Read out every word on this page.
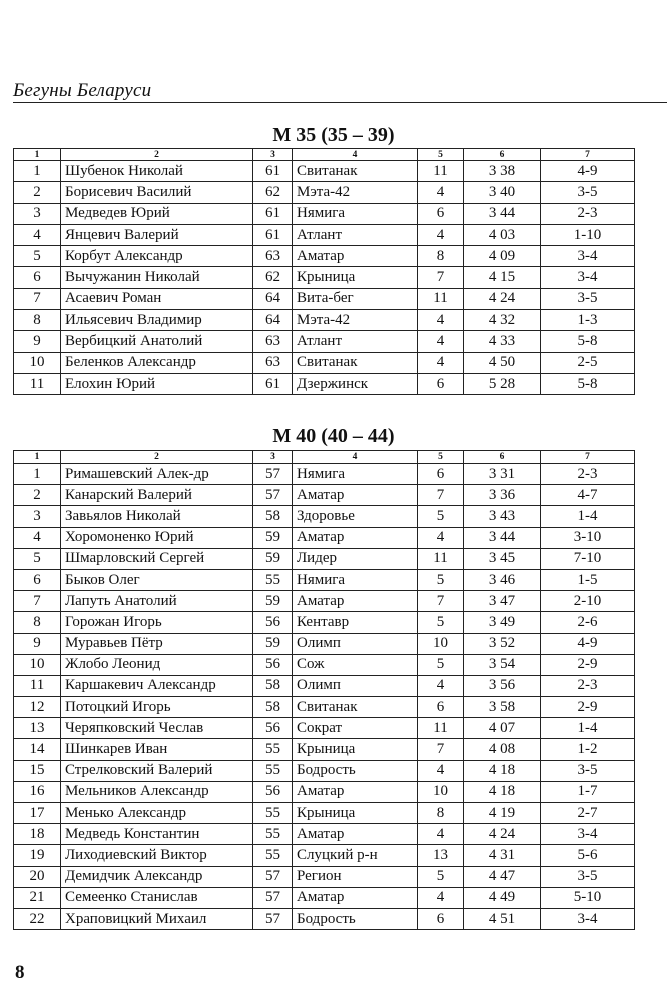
Бегуны Беларуси
М 35 (35 – 39)
1	2	3	4	5	6	7
1	Шубенок Николай	61	Свитанак	11	3 38	4-9
2	Борисевич Василий	62	Мэта-42	4	3 40	3-5
3	Медведев Юрий	61	Нямига	6	3 44	2-3
4	Янцевич Валерий	61	Атлант	4	4 03	1-10
5	Корбут Александр	63	Аматар	8	4 09	3-4
6	Вычужанин Николай	62	Крыница	7	4 15	3-4
7	Асаевич Роман	64	Вита-бег	11	4 24	3-5
8	Ильясевич Владимир	64	Мэта-42	4	4 32	1-3
9	Вербицкий Анатолий	63	Атлант	4	4 33	5-8
10	Беленков Александр	63	Свитанак	4	4 50	2-5
11	Елохин Юрий	61	Дзержинск	6	5 28	5-8
М 40 (40 – 44)
1	2	3	4	5	6	7
1	Римашевский Алек-др	57	Нямига	6	3 31	2-3
2	Канарский Валерий	57	Аматар	7	3 36	4-7
3	Завьялов Николай	58	Здоровье	5	3 43	1-4
4	Хоромоненко Юрий	59	Аматар	4	3 44	3-10
5	Шмарловский Сергей	59	Лидер	11	3 45	7-10
6	Быков Олег	55	Нямига	5	3 46	1-5
7	Лапуть Анатолий	59	Аматар	7	3 47	2-10
8	Горожан Игорь	56	Кентавр	5	3 49	2-6
9	Муравьев Пётр	59	Олимп	10	3 52	4-9
10	Жлобо Леонид	56	Сож	5	3 54	2-9
11	Каршакевич Александр	58	Олимп	4	3 56	2-3
12	Потоцкий Игорь	58	Свитанак	6	3 58	2-9
13	Черяпковский Чеслав	56	Сократ	11	4 07	1-4
14	Шинкарев Иван	55	Крыница	7	4 08	1-2
15	Стрелковский Валерий	55	Бодрость	4	4 18	3-5
16	Мельников Александр	56	Аматар	10	4 18	1-7
17	Менько Александр	55	Крыница	8	4 19	2-7
18	Медведь Константин	55	Аматар	4	4 24	3-4
19	Лиходиевский Виктор	55	Слуцкий р-н	13	4 31	5-6
20	Демидчик Александр	57	Регион	5	4 47	3-5
21	Семеенко Станислав	57	Аматар	4	4 49	5-10
22	Храповицкий Михаил	57	Бодрость	6	4 51	3-4
8
